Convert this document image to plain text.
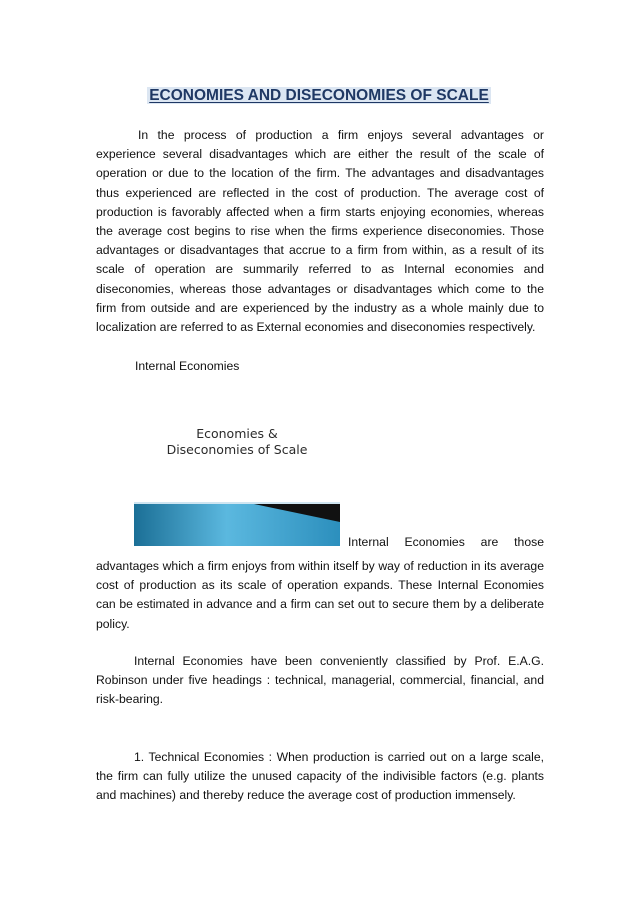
ECONOMIES AND DISECONOMIES OF SCALE

In the process of production a firm enjoys several advantages or experience several disadvantages which are either the result of the scale of operation or due to the location of the firm. The advantages and disadvantages thus experienced are reflected in the cost of production. The average cost of production is favorably affected when a firm starts enjoying economies, whereas the average cost begins to rise when the firms experience diseconomies. Those advantages or disadvantages that accrue to a firm from within, as a result of its scale of operation are summarily referred to as Internal economies and diseconomies, whereas those advantages or disadvantages which come to the firm from outside and are experienced by the industry as a whole mainly due to localization are referred to as External economies and diseconomies respectively.

Internal Economies
Economies &
Diseconomies of Scale
Internal Economies are those

advantages which a firm enjoys from within itself by way of reduction in its average cost of production as its scale of operation expands. These Internal Economies can be estimated in advance and a firm can set out to secure them by a deliberate policy.

Internal Economies have been conveniently classified by Prof. E.A.G. Robinson under five headings : technical, managerial, commercial, financial, and risk-bearing.

1. Technical Economies : When production is carried out on a large scale, the firm can fully utilize the unused capacity of the indivisible factors (e.g. plants and machines) and thereby reduce the average cost of production immensely.
